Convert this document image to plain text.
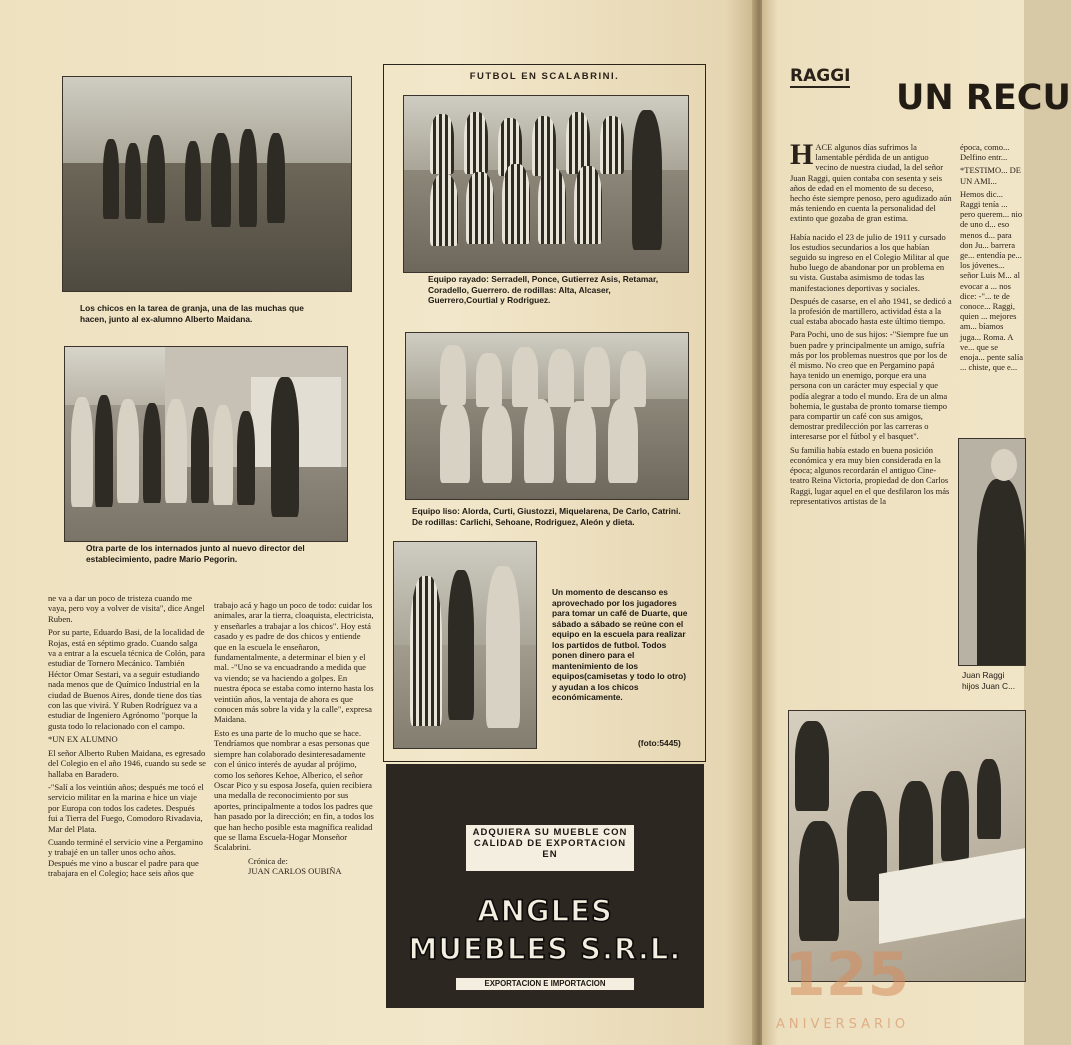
Los chicos en la tarea de granja, una de las muchas que hacen, junto al ex-alumno Alberto Maidana.
Otra parte de los internados junto al nuevo director del establecimiento, padre Mario Pegorin.

ne va a dar un poco de tristeza cuando me vaya, pero voy a volver de visita", dice Angel Ruben.

Por su parte, Eduardo Basi, de la localidad de Rojas, está en séptimo grado. Cuando salga va a entrar a la escuela técnica de Colón, para estudiar de Tornero Mecánico. También Héctor Omar Sestari, va a seguir estudiando nada menos que de Químico Industrial en la ciudad de Buenos Aires, donde tiene dos tías con las que vivirá. Y Ruben Rodríguez va a estudiar de Ingeniero Agrónomo "porque la gusta todo lo relacionado con el campo.

*UN EX ALUMNO

El señor Alberto Ruben Maidana, es egresado del Colegio en el año 1946, cuando su sede se hallaba en Baradero.

-"Salí a los veintiún años; después me tocó el servicio militar en la marina e hice un viaje por Europa con todos los cadetes. Después fui a Tierra del Fuego, Comodoro Rivadavia, Mar del Plata.

Cuando terminé el servicio vine a Pergamino y trabajé en un taller unos ocho años. Después me vino a buscar el padre para que trabajara en el Colegio; hace seis años que

trabajo acá y hago un poco de todo: cuidar los animales, arar la tierra, cloaquista, electricista, y enseñarles a trabajar a los chicos". Hoy está casado y es padre de dos chicos y entiende que en la escuela le enseñaron, fundamentalmente, a determinar el bien y el mal. -"Uno se va encuadrando a medida que va viendo; se va haciendo a golpes. En nuestra época se estaba como interno hasta los veintiún años, la ventaja de ahora es que conocen más sobre la vida y la calle", expresa Maidana.

Esto es una parte de lo mucho que se hace. Tendríamos que nombrar a esas personas que siempre han colaborado desinteresadamente con el único interés de ayudar al prójimo, como los señores Kehoe, Alberico, el señor Oscar Pico y su esposa Josefa, quien recibiera una medalla de reconocimiento por sus aportes, principalmente a todos los padres que han pasado por la dirección; en fin, a todos los que han hecho posible esta magnífica realidad que se llama Escuela-Hogar Monseñor Scalabrini.

Crónica de:

JUAN CARLOS OUBIÑA

FUTBOL EN SCALABRINI.
Equipo rayado: Serradell, Ponce, Gutierrez Asis, Retamar, Coradello, Guerrero. de rodillas: Alta, Alcaser, Guerrero,Courtial y Rodriguez.
Equipo liso: Alorda, Curti, Giustozzi, Miquelarena, De Carlo, Catrini. De rodillas: Carlichi, Sehoane, Rodriguez, Aleón y dieta.
Un momento de descanso es aprovechado por los jugadores para tomar un café de Duarte, que sábado a sábado se reúne con el equipo en la escuela para realizar los partidos de futbol. Todos ponen dinero para el mantenimiento de los equipos(camisetas y todo lo otro) y ayudan a los chicos económicamente.
(foto:5445)
ADQUIERA SU MUEBLE CON CALIDAD DE EXPORTACION EN
ANGLES
MUEBLES S.R.L.
EXPORTACION E IMPORTACION
RAGGI
UN RECU

HACE algunos días sufrimos la lamentable pérdida de un antiguo vecino de nuestra ciudad, la del señor Juan Raggi, quien contaba con sesenta y seis años de edad en el momento de su deceso, hecho éste siempre penoso, pero agudizado aún más teniendo en cuenta la personalidad del extinto que gozaba de gran estima.

Había nacido el 23 de julio de 1911 y cursado los estudios secundarios a los que habían seguido su ingreso en el Colegio Militar al que hubo luego de abandonar por un problema en su vista. Gustaba asimismo de todas las manifestaciones deportivas y sociales.

Después de casarse, en el año 1941, se dedicó a la profesión de martillero, actividad ésta a la cual estaba abocado hasta este último tiempo.

Para Pochi, uno de sus hijos: -"Siempre fue un buen padre y principalmente un amigo, sufría más por los problemas nuestros que por los de él mismo. No creo que en Pergamino papá haya tenido un enemigo, porque era una persona con un carácter muy especial y que podía alegrar a todo el mundo. Era de un alma bohemia, le gustaba de pronto tomarse tiempo para compartir un café con sus amigos, demostrar predilección por las carreras o interesarse por el fútbol y el basquet".

Su familia había estado en buena posición económica y era muy bien considerada en la época; algunos recordarán el antiguo Cine-teatro Reina Victoria, propiedad de don Carlos Raggi, lugar aquel en el que desfilaron los más representativos artistas de la

época, como... Delfino entr...

*TESTIMO... DE UN AMI...

Hemos dic... Raggi tenía ... pero querem... nio de uno d... eso menos d... para don Ju... barrera ge... entendía pe... los jóvenes... señor Luis M... al evocar a ... nos dice: -"... te de conoce... Raggi, quien ... mejores am... bíamos juga... Roma. A ve... que se enoja... pente salía ... chiste, que e...

Juan Raggi hijos Juan C...
125
ANIVERSARIO
